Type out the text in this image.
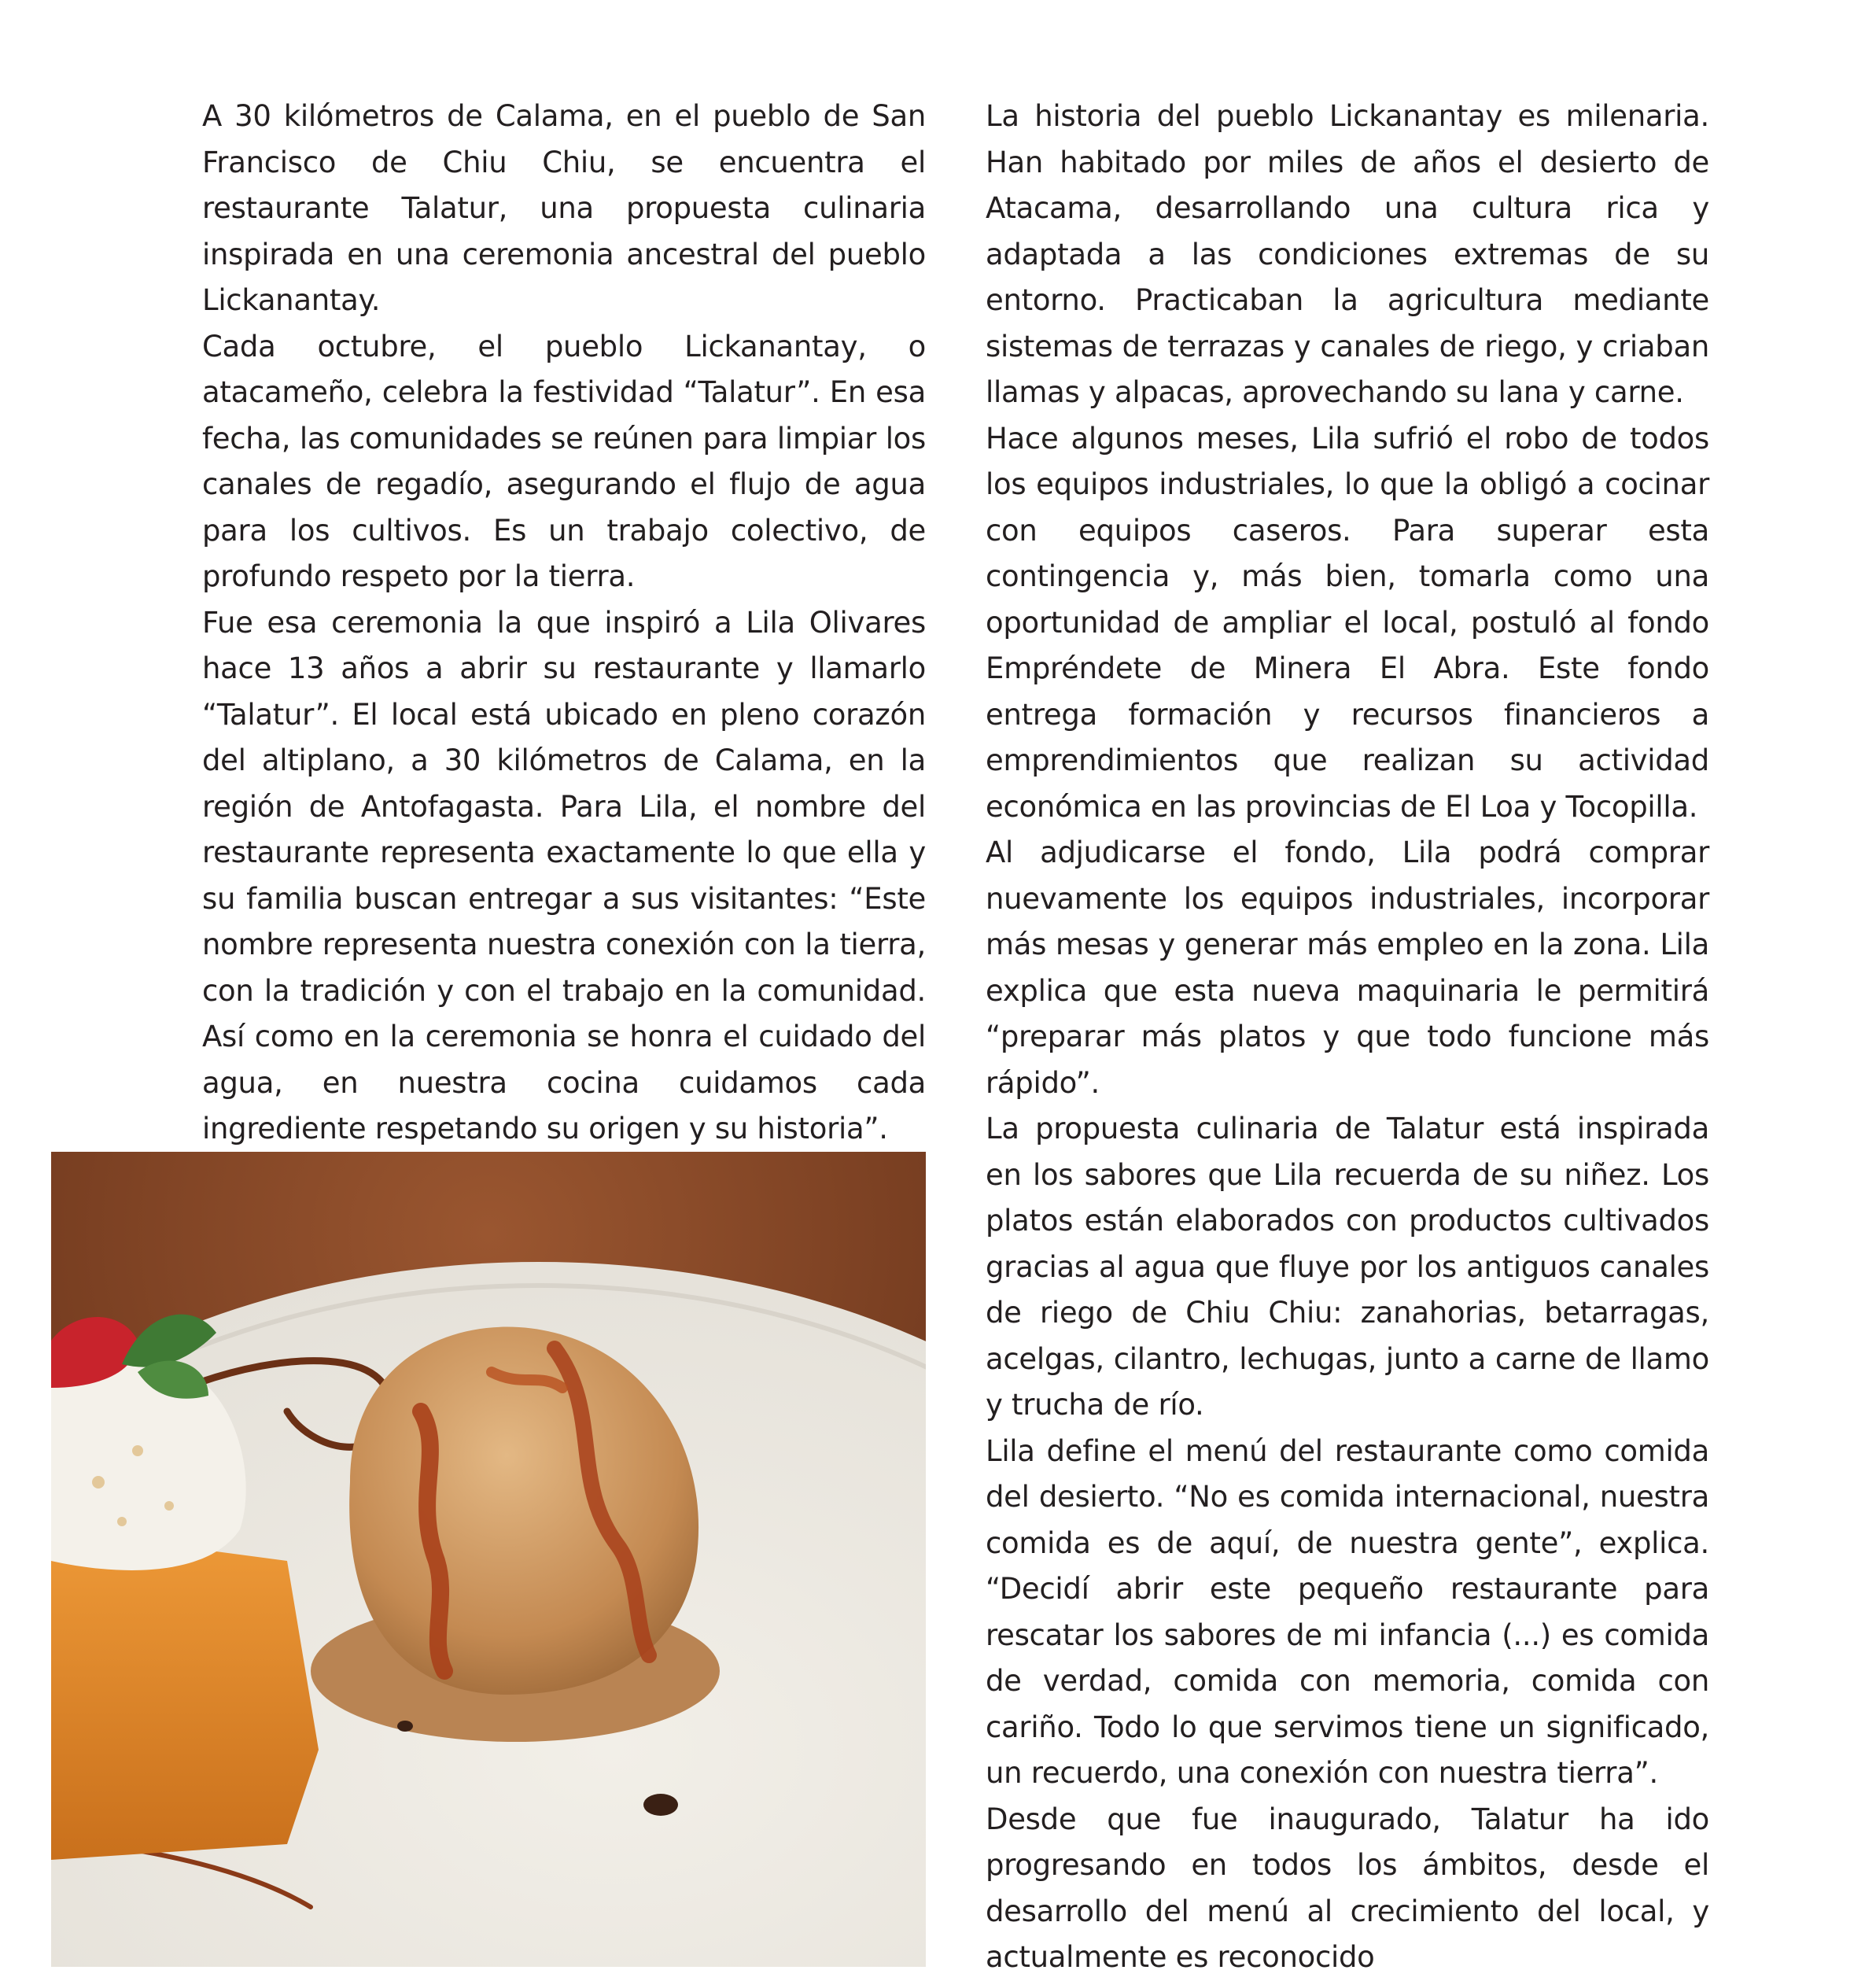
A 30 kilómetros de Calama, en el pueblo de San Francisco de Chiu Chiu, se encuentra el restaurante Talatur, una propuesta culinaria inspirada en una ceremonia ancestral del pueblo Lickanantay.

Cada octubre, el pueblo Lickanantay, o atacameño, celebra la festividad “Talatur”. En esa fecha, las comunidades se reúnen para limpiar los canales de regadío, asegurando el flujo de agua para los cultivos. Es un trabajo colectivo, de profundo respeto por la tierra.

Fue esa ceremonia la que inspiró a Lila Olivares hace 13 años a abrir su restaurante y llamarlo “Talatur”. El local está ubicado en pleno corazón del altiplano, a 30 kilómetros de Calama, en la región de Antofagasta. Para Lila, el nombre del restaurante representa exactamente lo que ella y su familia buscan entregar a sus visitantes: “Este nombre representa nuestra conexión con la tierra, con la tradición y con el trabajo en la comunidad. Así como en la ceremonia se honra el cuidado del agua, en nuestra cocina cuidamos cada ingrediente respetando su origen y su historia”.

La historia del pueblo Lickanantay es milenaria. Han habitado por miles de años el desierto de Atacama, desarrollando una cultura rica y adaptada a las condiciones extremas de su entorno. Practicaban la agricultura mediante sistemas de terrazas y canales de riego, y criaban llamas y alpacas, aprovechando su lana y carne.

Hace algunos meses, Lila sufrió el robo de todos los equipos industriales, lo que la obligó a cocinar con equipos caseros. Para superar esta contingencia y, más bien, tomarla como una oportunidad de ampliar el local, postuló al fondo Empréndete de Minera El Abra. Este fondo entrega formación y recursos financieros a emprendimientos que realizan su actividad económica en las provincias de El Loa y Tocopilla.

Al adjudicarse el fondo, Lila podrá comprar nuevamente los equipos industriales, incorporar más mesas y generar más empleo en la zona. Lila explica que esta nueva maquinaria le permitirá “preparar más platos y que todo funcione más rápido”.

La propuesta culinaria de Talatur está inspirada en los sabores que Lila recuerda de su niñez. Los platos están elaborados con productos cultivados gracias al agua que fluye por los antiguos canales de riego de Chiu Chiu: zanahorias, betarragas, acelgas, cilantro, lechugas, junto a carne de llamo y trucha de río.

Lila define el menú del restaurante como comida del desierto. “No es comida internacional, nuestra comida es de aquí, de nuestra gente”, explica. “Decidí abrir este pequeño restaurante para rescatar los sabores de mi infancia (...) es comida de verdad, comida con memoria, comida con cariño. Todo lo que servimos tiene un significado, un recuerdo, una conexión con nuestra tierra”.

Desde que fue inaugurado, Talatur ha ido progresando en todos los ámbitos, desde el desarrollo del menú al crecimiento del local, y actualmente es reconocido
